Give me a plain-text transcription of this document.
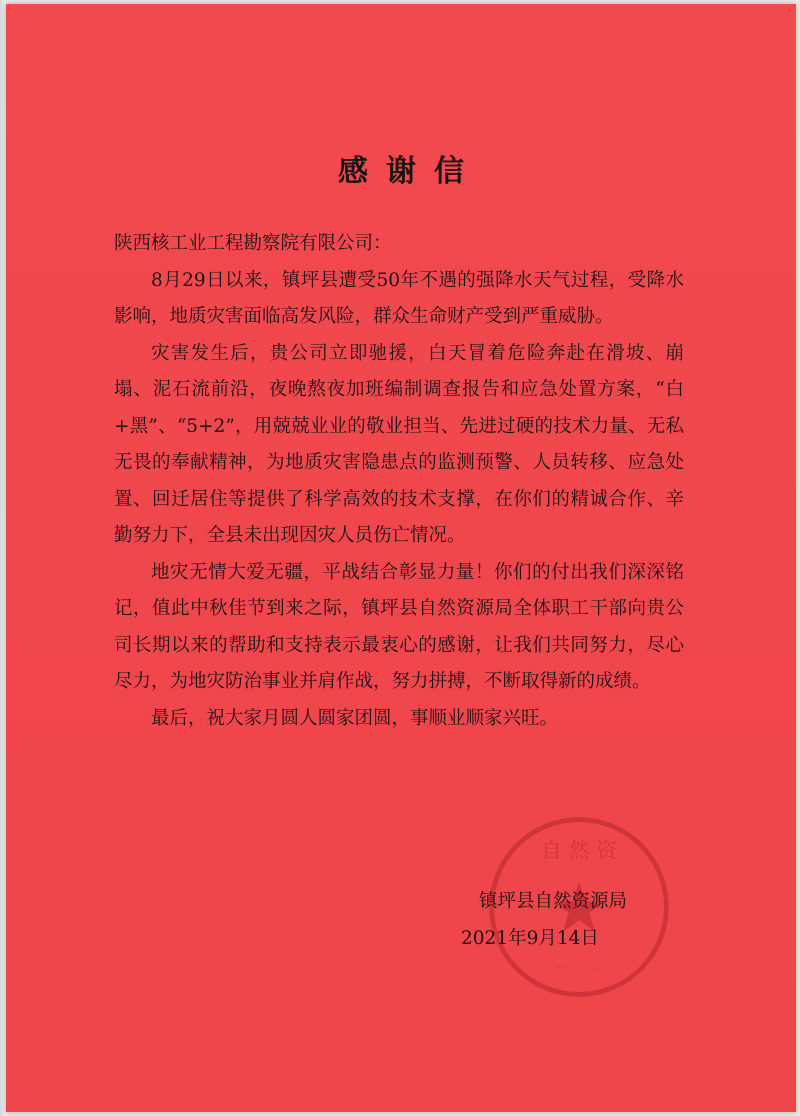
感谢信

陕西核工业工程勘察院有限公司：

8月29日以来，镇坪县遭受50年不遇的强降水天气过程，受降水影响，地质灾害面临高发风险，群众生命财产受到严重威胁。

灾害发生后，贵公司立即驰援，白天冒着危险奔赴在滑坡、崩塌、泥石流前沿，夜晚熬夜加班编制调查报告和应急处置方案，“白+黑”、“5+2”，用兢兢业业的敬业担当、先进过硬的技术力量、无私无畏的奉献精神，为地质灾害隐患点的监测预警、人员转移、应急处置、回迁居住等提供了科学高效的技术支撑，在你们的精诚合作、辛勤努力下，全县未出现因灾人员伤亡情况。

地灾无情大爱无疆，平战结合彰显力量！你们的付出我们深深铭记，值此中秋佳节到来之际，镇坪县自然资源局全体职工干部向贵公司长期以来的帮助和支持表示最衷心的感谢，让我们共同努力，尽心尽力，为地灾防治事业并肩作战，努力拼搏，不断取得新的成绩。

最后，祝大家月圆人圆家团圆，事顺业顺家兴旺。

自 然 资
· · · · · · · ·
镇坪县自然资源局
2021年9月14日
